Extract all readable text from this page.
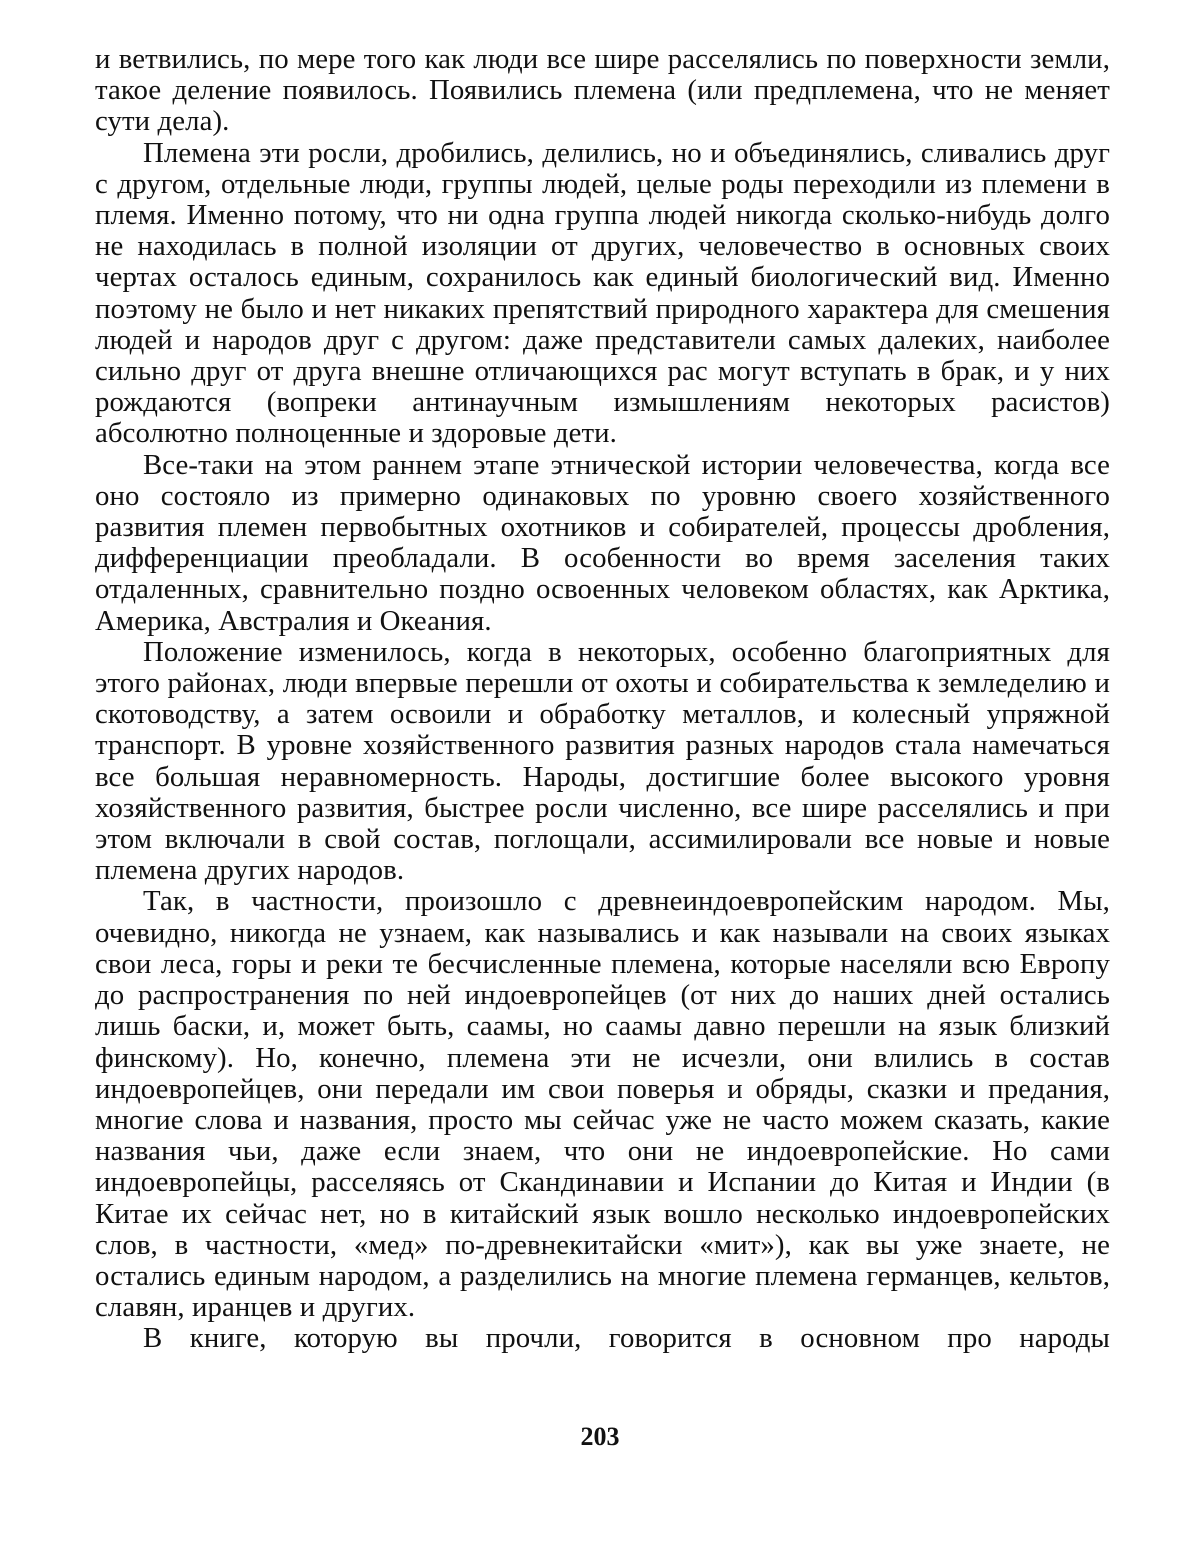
и ветвились, по мере того как люди все шире расселялись по поверхности земли, такое деление появилось. Появились племена (или предплемена, что не меняет сути дела).

Племена эти росли, дробились, делились, но и объединялись, сливались друг с другом, отдельные люди, группы людей, целые роды переходили из племени в племя. Именно потому, что ни одна группа людей никогда сколько-нибудь долго не находилась в полной изоляции от других, человечество в основных своих чертах осталось единым, сохранилось как единый биологический вид. Именно поэтому не было и нет никаких препятствий природного характера для смешения людей и народов друг с другом: даже представители самых далеких, наиболее сильно друг от друга внешне отличающихся рас могут вступать в брак, и у них рождаются (вопреки антинаучным измышлениям некоторых расистов) абсолютно полноценные и здоровые дети.

Все-таки на этом раннем этапе этнической истории человечества, когда все оно состояло из примерно одинаковых по уровню своего хозяйственного развития племен первобытных охотников и собирателей, процессы дробления, дифференциации преобладали. В особенности во время заселения таких отдаленных, сравнительно поздно освоенных человеком областях, как Арктика, Америка, Австралия и Океания.

Положение изменилось, когда в некоторых, особенно благоприятных для этого районах, люди впервые перешли от охоты и собирательства к земледелию и скотоводству, а затем освоили и обработку металлов, и колесный упряжной транспорт. В уровне хозяйственного развития разных народов стала намечаться все большая неравномерность. Народы, достигшие более высокого уровня хозяйственного развития, быстрее росли численно, все шире расселялись и при этом включали в свой состав, поглощали, ассимилировали все новые и новые племена других народов.

Так, в частности, произошло с древнеиндоевропейским народом. Мы, очевидно, никогда не узнаем, как назывались и как называли на своих языках свои леса, горы и реки те бесчисленные племена, которые населяли всю Европу до распространения по ней индоевропейцев (от них до наших дней остались лишь баски, и, может быть, саамы, но саамы давно перешли на язык близкий финскому). Но, конечно, племена эти не исчезли, они влились в состав индоевропейцев, они передали им свои поверья и обряды, сказки и предания, многие слова и названия, просто мы сейчас уже не часто можем сказать, какие названия чьи, даже если знаем, что они не индоевропейские. Но сами индоевропейцы, расселяясь от Скандинавии и Испании до Китая и Индии (в Китае их сейчас нет, но в китайский язык вошло несколько индоевропейских слов, в частности, «мед» по-древнекитайски «мит»), как вы уже знаете, не остались единым народом, а разделились на многие племена германцев, кельтов, славян, иранцев и других.

В книге, которую вы прочли, говорится в основном про народы

203
